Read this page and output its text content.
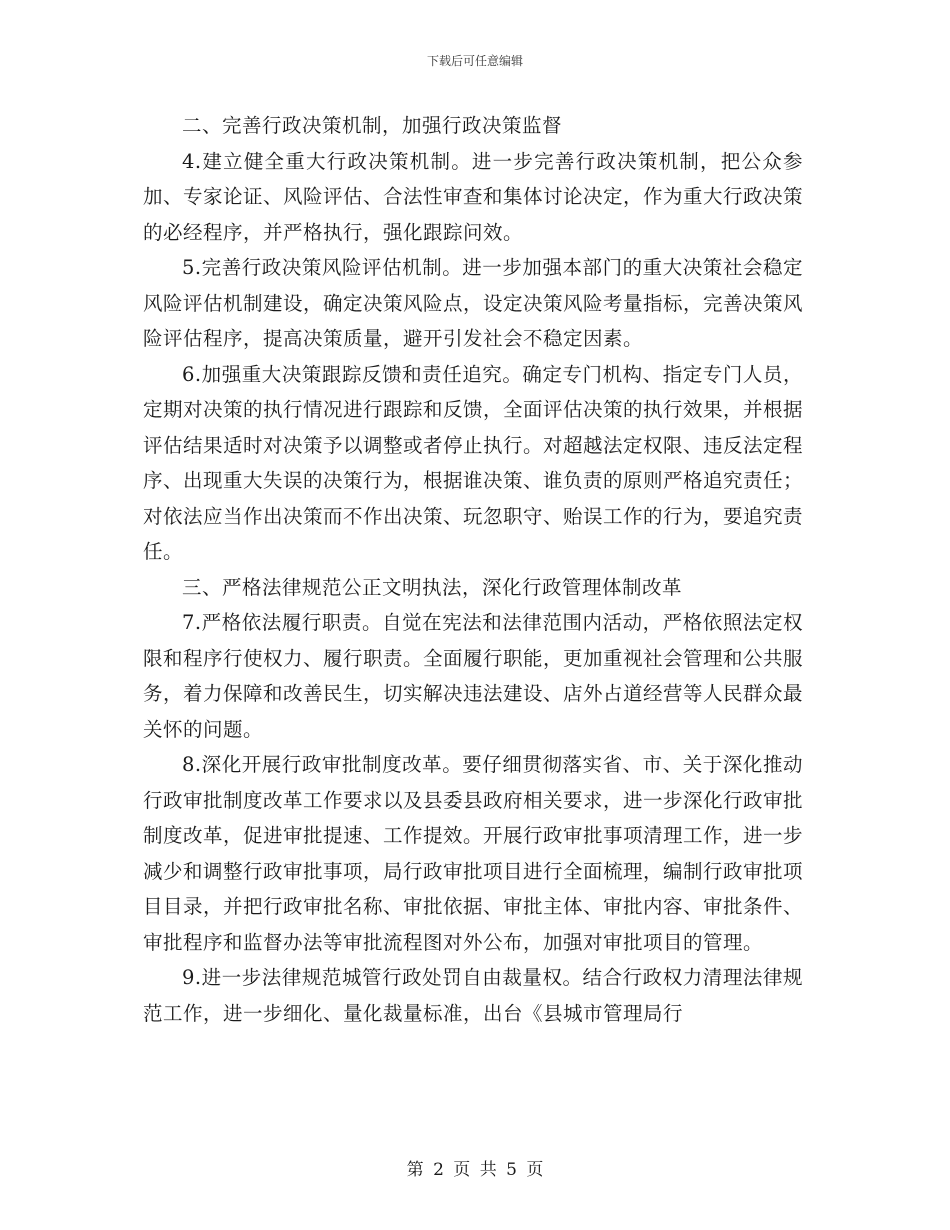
下载后可任意编辑

二、完善行政决策机制，加强行政决策监督

4.建立健全重大行政决策机制。进一步完善行政决策机制，把公众参加、专家论证、风险评估、合法性审查和集体讨论决定，作为重大行政决策的必经程序，并严格执行，强化跟踪问效。

5.完善行政决策风险评估机制。进一步加强本部门的重大决策社会稳定风险评估机制建设，确定决策风险点，设定决策风险考量指标，完善决策风险评估程序，提高决策质量，避开引发社会不稳定因素。

6.加强重大决策跟踪反馈和责任追究。确定专门机构、指定专门人员，定期对决策的执行情况进行跟踪和反馈，全面评估决策的执行效果，并根据评估结果适时对决策予以调整或者停止执行。对超越法定权限、违反法定程序、出现重大失误的决策行为，根据谁决策、谁负责的原则严格追究责任；对依法应当作出决策而不作出决策、玩忽职守、贻误工作的行为，要追究责任。

三、严格法律规范公正文明执法，深化行政管理体制改革

7.严格依法履行职责。自觉在宪法和法律范围内活动，严格依照法定权限和程序行使权力、履行职责。全面履行职能，更加重视社会管理和公共服务，着力保障和改善民生，切实解决违法建设、店外占道经营等人民群众最关怀的问题。

8.深化开展行政审批制度改革。要仔细贯彻落实省、市、关于深化推动行政审批制度改革工作要求以及县委县政府相关要求，进一步深化行政审批制度改革，促进审批提速、工作提效。开展行政审批事项清理工作，进一步减少和调整行政审批事项，局行政审批项目进行全面梳理，编制行政审批项目目录，并把行政审批名称、审批依据、审批主体、审批内容、审批条件、审批程序和监督办法等审批流程图对外公布，加强对审批项目的管理。

9.进一步法律规范城管行政处罚自由裁量权。结合行政权力清理法律规范工作，进一步细化、量化裁量标准，出台《县城市管理局行

第 2 页 共 5 页
